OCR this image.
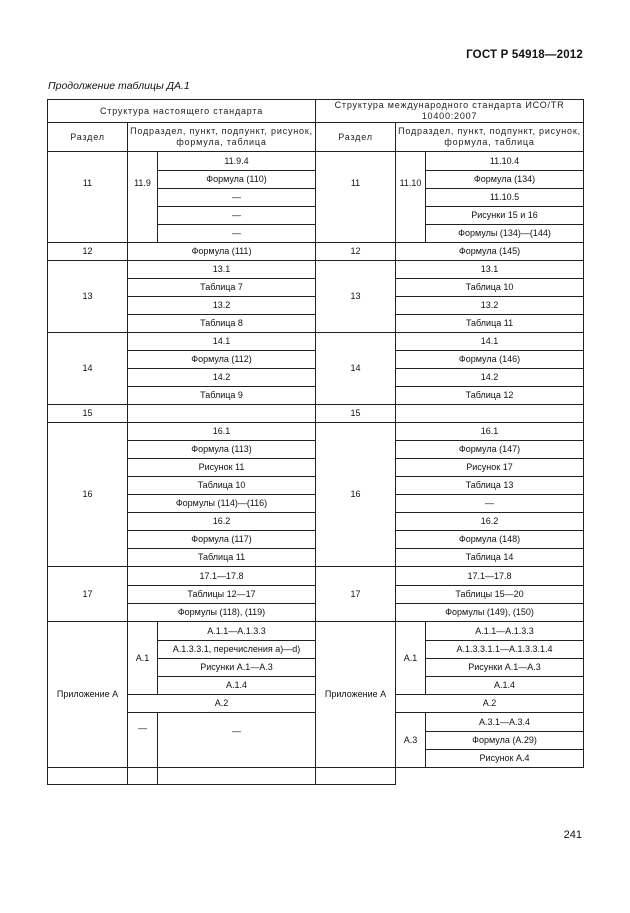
ГОСТ Р 54918—2012
Продолжение таблицы ДА.1
Структура настоящего стандарта			Структура международного стандарта ИСО/TR 10400:2007		
Раздел	Подраздел, пункт, подпункт, рисунок, формула, таблица		Раздел	Подраздел, пункт, подпункт, рисунок, формула, таблица	
11	11.9	11.9.4	11	11.10	11.10.4
		Формула (110)			Формула (134)
		—			11.10.5
		—			Рисунки 15 и 16
		—			Формулы (134)—(144)
12	Формула (111)		12	Формула (145)	
13	13.1		13	13.1	
	Таблица 7			Таблица 10	
	13.2			13.2	
	Таблица 8			Таблица 11	
14	14.1		14	14.1	
	Формула (112)			Формула (146)	
	14.2			14.2	
	Таблица 9			Таблица 12	
15			15		
16	16.1		16	16.1	
	Формула (113)			Формула (147)	
	Рисунок 11			Рисунок 17	
	Таблица 10			Таблица 13	
	Формулы (114)—(116)			—	
	16.2			16.2	
	Формула (117)			Формула (148)	
	Таблица 11			Таблица 14	
17	17.1—17.8		17	17.1—17.8	
	Таблицы 12—17			Таблицы 15—20	
	Формулы (118), (119)			Формулы (149), (150)	
Приложение А	А.1	А.1.1—А.1.3.3	Приложение А	А.1	А.1.1—А.1.3.3
		А.1.3.3.1, перечисления а)—d)			А.1.3.3.1.1—А.1.3.3.1.4
		Рисунки А.1—А.3			Рисунки А.1—А.3
		А.1.4			А.1.4
	А.2			А.2	
	—	—		А.3	А.3.1—А.3.4
					Формула (А.29)
					Рисунок А.4

241
